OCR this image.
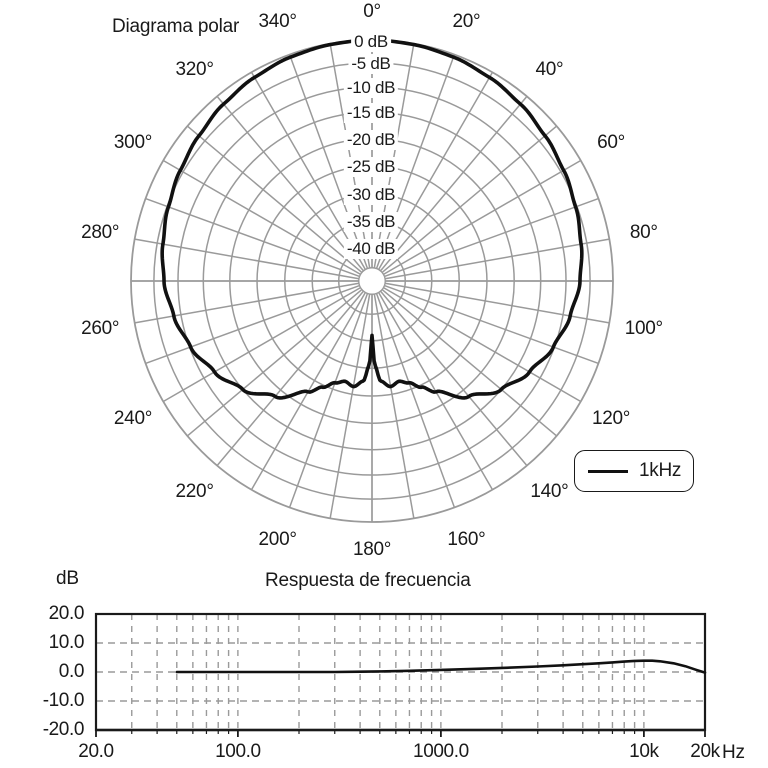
Diagrama polar
0°	20°
40°
60°
80°
100°
120°
140°
160°
180°
200°
220°
240°
260°
280°
300°
320°
340°
0 dB
-5 dB
-10 dB
-15 dB
-20 dB
-25 dB
-30 dB
-35 dB
-40 dB
1kHz
Respuesta de frecuencia
dB
Hz
20.0
10.0
0.0
-10.0
-20.0
20.0	100.0	1000.0	10k 20k
